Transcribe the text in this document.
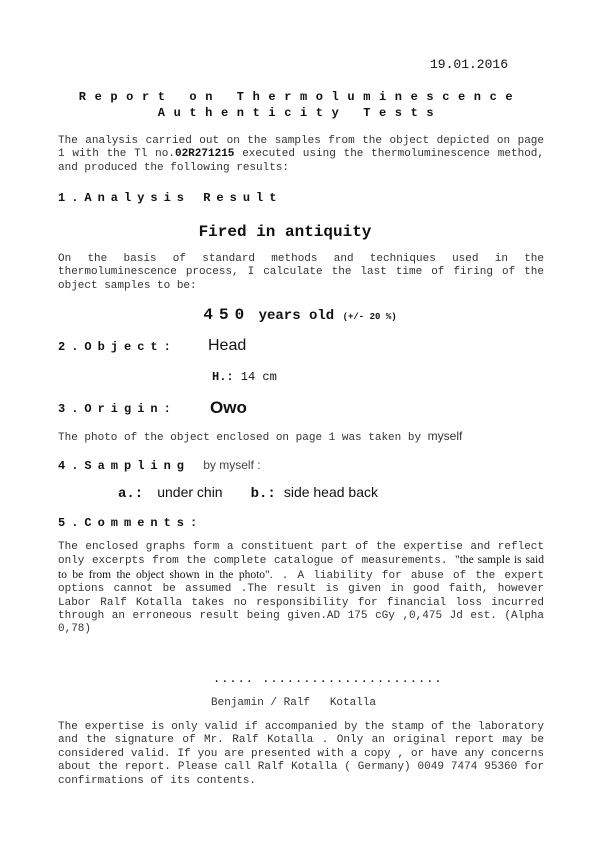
19.01.2016
Report on Thermoluminescence
Authenticity Tests
The analysis carried out on the samples from the object depicted on page 1 with the Tl no.02R271215 executed using the thermoluminescence method, and produced the following results:
1.Analysis Result
Fired in antiquity
On the basis of standard methods and techniques used in the thermoluminescence process, I calculate the last time of firing of the object samples to be:
450 years old (+/- 20 %)
2.Object: Head
H.: 14 cm
3.Origin: Owo
The photo of the object enclosed on page 1 was taken by myself
4.Sampling by myself :
a.: under chin b.: side head back
5.Comments:
The enclosed graphs form a constituent part of the expertise and reflect only excerpts from the complete catalogue of measurements. "the sample is said to be from the object shown in the photo". . A liability for abuse of the expert options cannot be assumed .The result is given in good faith, however Labor Ralf Kotalla takes no responsibility for financial loss incurred through an erroneous result being given.AD 175 cGy ,0,475 Jd est. (Alpha 0,78)
..... ......................
Benjamin / Ralf   Kotalla
The expertise is only valid if accompanied by the stamp of the laboratory and the signature of Mr. Ralf Kotalla . Only an original report may be considered valid. If you are presented with a copy , or have any concerns about the report. Please call Ralf Kotalla ( Germany) 0049 7474 95360 for confirmations of its contents.
